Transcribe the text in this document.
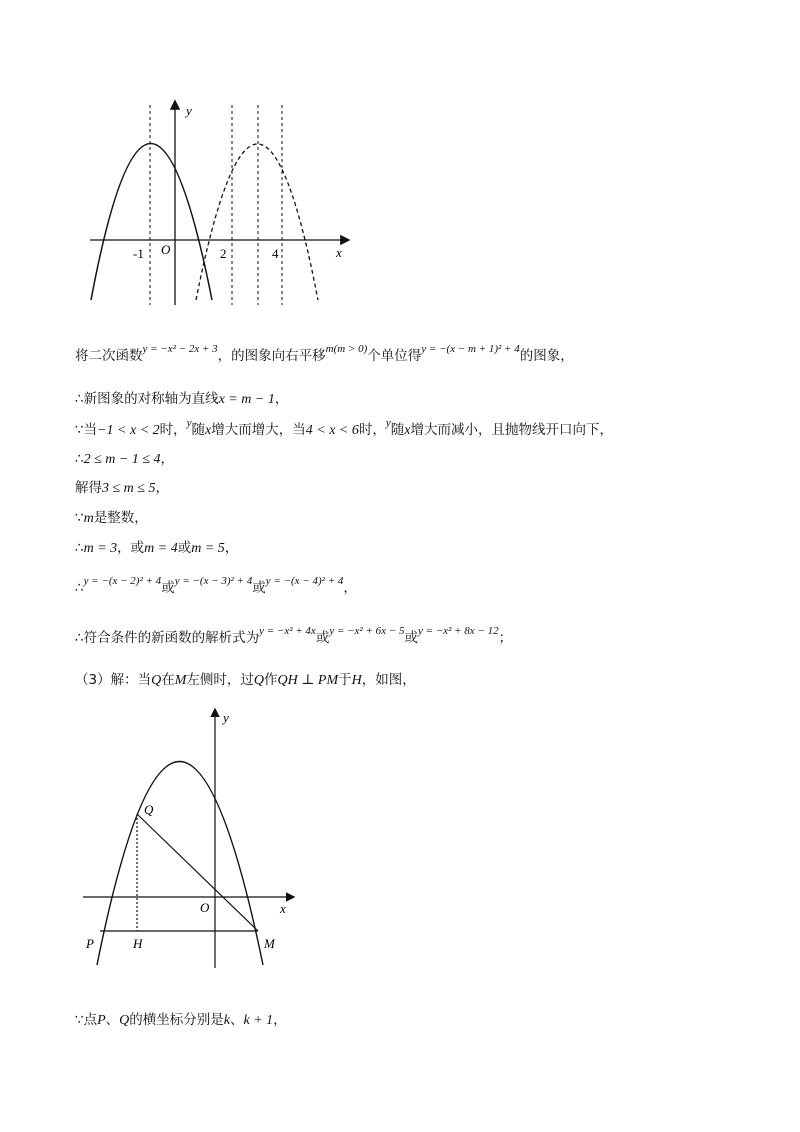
y
x
O
-1	2	4
将二次函数$^{y = -x^2 - 2x + 3}$，的图象向右平移$^{m(m > 0)}$个单位得$^{y = -(x - m + 1)^2 + 4}$的图象，
∴新图象的对称轴为直线x = m − 1，
∵当−1 < x < 2时，$^y$随x增大而增大，当4 < x < 6时，$^y$随x增大而减小，且抛物线开口向下，
∴2 ≤ m − 1 ≤ 4，
解得3 ≤ m ≤ 5，
∵m是整数，
∴m = 3，或m = 4或m = 5，
∴$^{y = -(x - 2)^2 + 4}$或$^{y = -(x - 3)^2 + 4}$或$^{y = -(x - 4)^2 + 4}$，
∴符合条件的新函数的解析式为$^{y = -x^2 + 4x}$或$^{y = -x^2 + 6x - 5}$或$^{y = -x^2 + 8x - 12}$；
（3）解：当Q在M左侧时，过Q作QH ⊥ PM于H，如图，
y
x
O
Q
P	H	M
∵点P、Q的横坐标分别是k、k + 1，
